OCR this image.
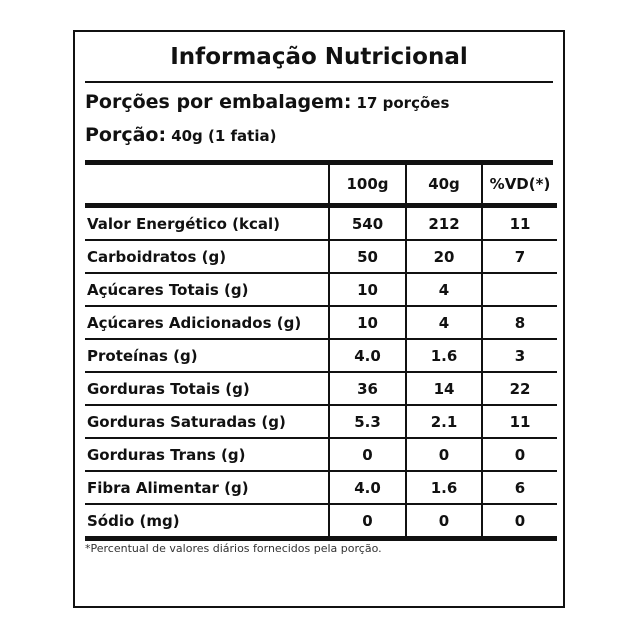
Informação Nutricional
Porções por embalagem: 17 porções
Porção: 40g (1 fatia)
	100g	40g	%VD(*)
Valor Energético (kcal)	540	212	11
Carboidratos (g)	50	20	7
Açúcares Totais (g)	10	4	
Açúcares Adicionados (g)	10	4	8
Proteínas (g)	4.0	1.6	3
Gorduras Totais (g)	36	14	22
Gorduras Saturadas (g)	5.3	2.1	11
Gorduras Trans (g)	0	0	0
Fibra Alimentar (g)	4.0	1.6	6
Sódio (mg)	0	0	0
*Percentual de valores diários fornecidos pela porção.
